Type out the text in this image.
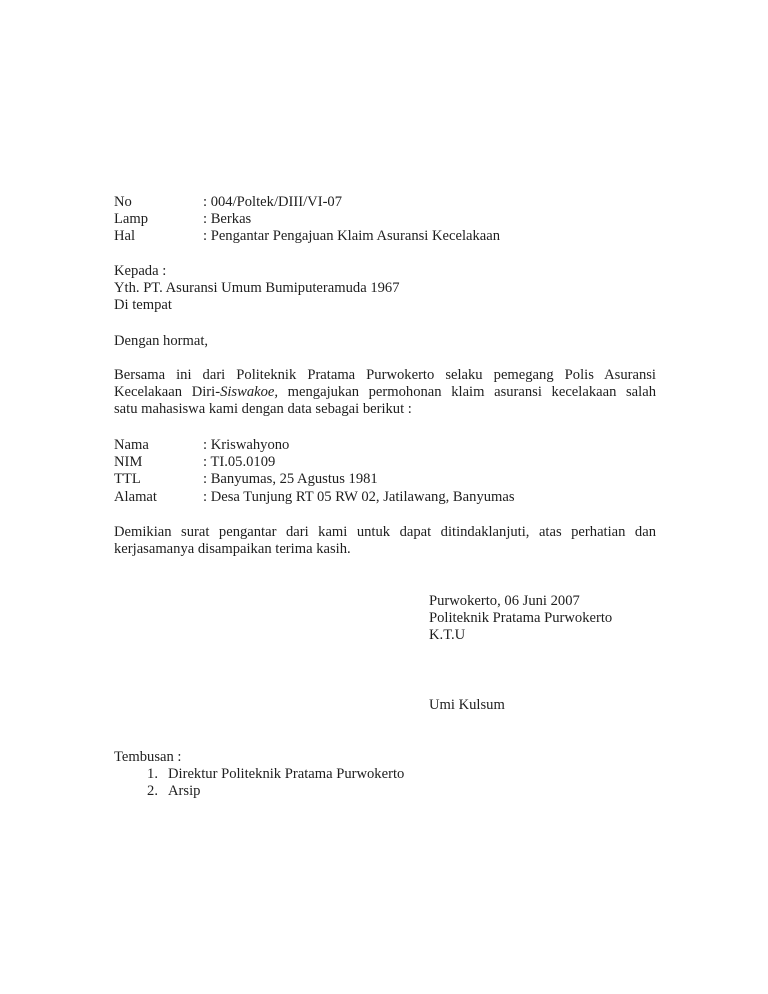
No	: 004/Poltek/DIII/VI-07
Lamp	: Berkas
Hal	: Pengantar Pengajuan Klaim Asuransi Kecelakaan
Kepada :
Yth. PT. Asuransi Umum Bumiputeramuda 1967
Di tempat
Dengan hormat,
Bersama ini dari Politeknik Pratama Purwokerto selaku pemegang Polis Asuransi
Kecelakaan Diri-Siswakoe, mengajukan permohonan klaim asuransi kecelakaan salah
satu mahasiswa kami dengan data sebagai berikut :
Nama	: Kriswahyono
NIM	: TI.05.0109
TTL	: Banyumas, 25 Agustus 1981
Alamat	: Desa Tunjung RT 05 RW 02, Jatilawang, Banyumas
Demikian surat pengantar dari kami untuk dapat ditindaklanjuti, atas perhatian dan
kerjasamanya disampaikan terima kasih.
Purwokerto, 06 Juni 2007
Politeknik Pratama Purwokerto
K.T.U
Umi Kulsum
Tembusan :
1. Direktur Politeknik Pratama Purwokerto
2. Arsip
